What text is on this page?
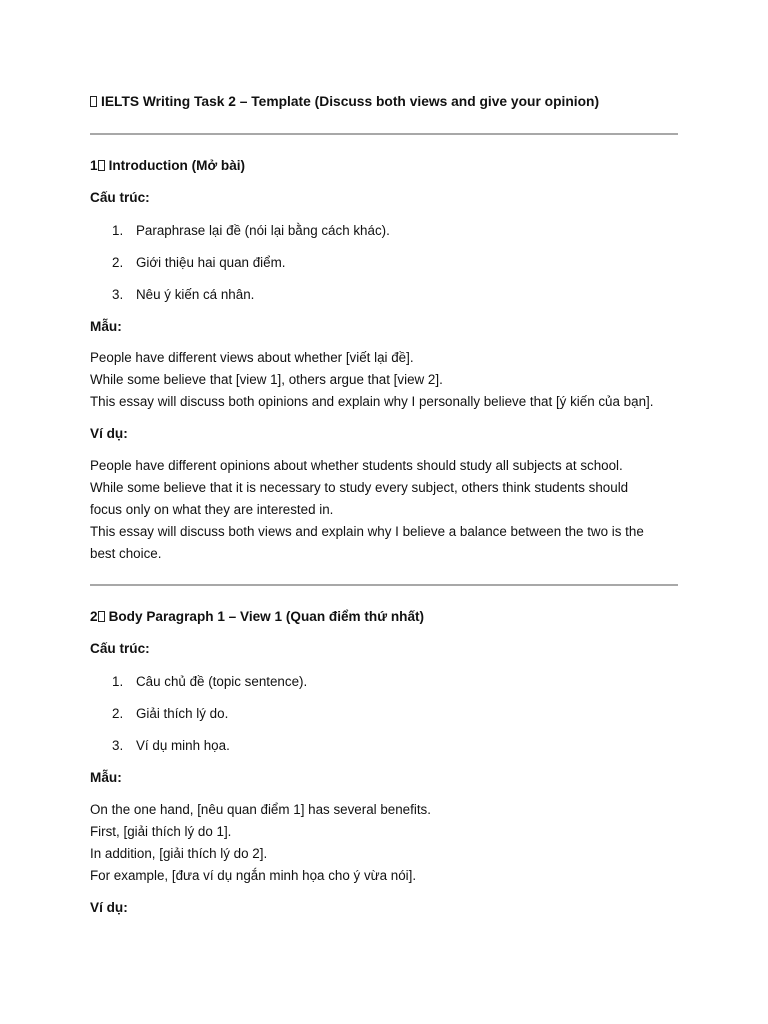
IELTS Writing Task 2 – Template (Discuss both views and give your opinion)
1 Introduction (Mở bài)
Cấu trúc:
1. Paraphrase lại đề (nói lại bằng cách khác).
2. Giới thiệu hai quan điểm.
3. Nêu ý kiến cá nhân.
Mẫu:
People have different views about whether [viết lại đề].
While some believe that [view 1], others argue that [view 2].
This essay will discuss both opinions and explain why I personally believe that [ý kiến của bạn].
Ví dụ:
People have different opinions about whether students should study all subjects at school.
While some believe that it is necessary to study every subject, others think students should
focus only on what they are interested in.
This essay will discuss both views and explain why I believe a balance between the two is the
best choice.
2 Body Paragraph 1 – View 1 (Quan điểm thứ nhất)
Cấu trúc:
1. Câu chủ đề (topic sentence).
2. Giải thích lý do.
3. Ví dụ minh họa.
Mẫu:
On the one hand, [nêu quan điểm 1] has several benefits.
First, [giải thích lý do 1].
In addition, [giải thích lý do 2].
For example, [đưa ví dụ ngắn minh họa cho ý vừa nói].
Ví dụ:
